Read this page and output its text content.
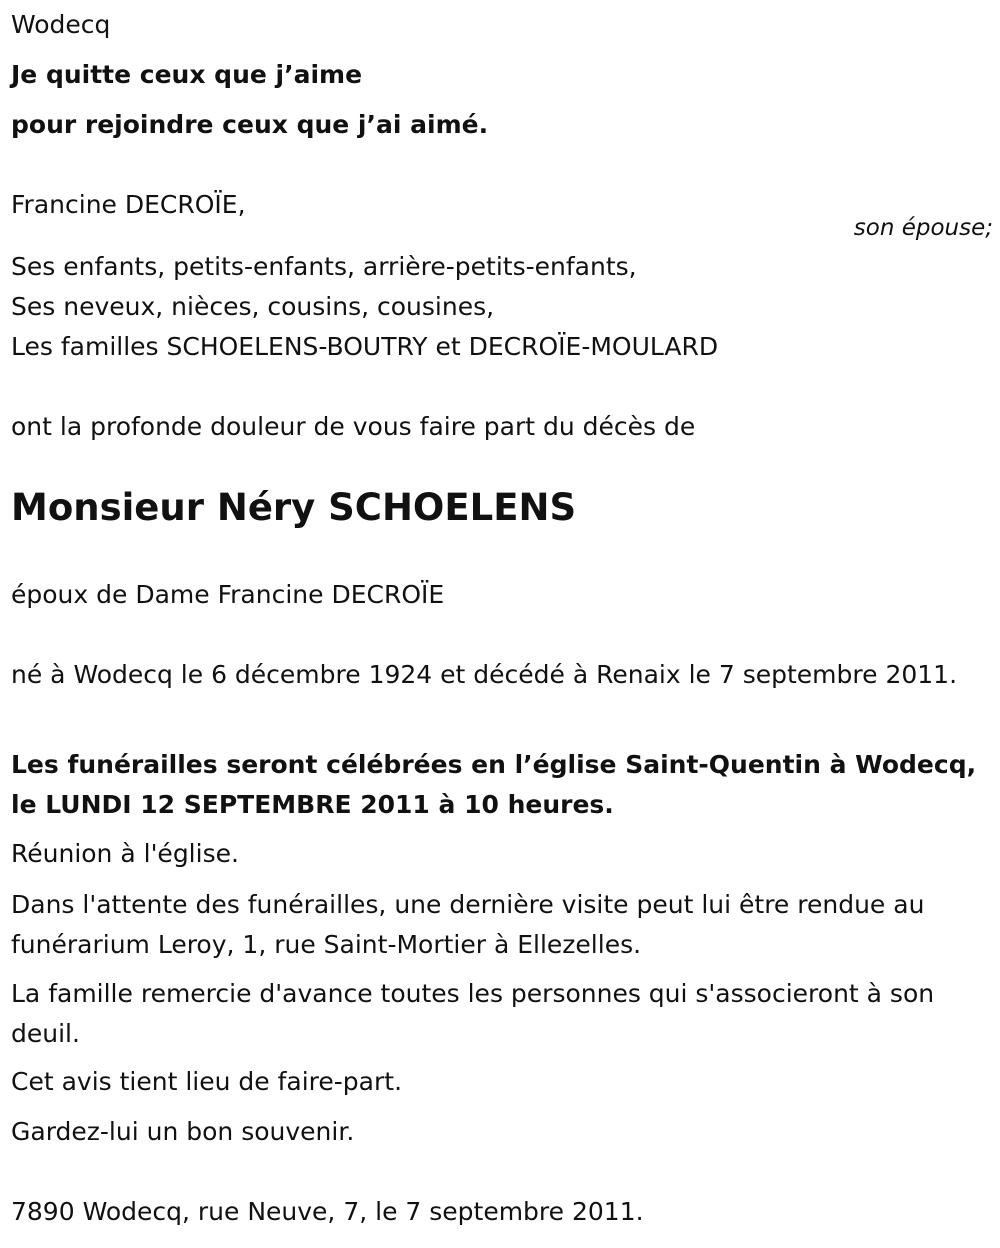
Wodecq
Je quitte ceux que j’aime
pour rejoindre ceux que j’ai aimé.
Francine DECROÏE,
son épouse;
Ses enfants, petits-enfants, arrière-petits-enfants,
Ses neveux, nièces, cousins, cousines,
Les familles SCHOELENS-BOUTRY et DECROÏE-MOULARD
ont la profonde douleur de vous faire part du décès de
Monsieur Néry SCHOELENS
époux de Dame Francine DECROÏE
né à Wodecq le 6 décembre 1924 et décédé à Renaix le 7 septembre 2011.
Les funérailles seront célébrées en l’église Saint-Quentin à Wodecq, le LUNDI 12 SEPTEMBRE 2011 à 10 heures.
Réunion à l'église.
Dans l'attente des funérailles, une dernière visite peut lui être rendue au funérarium Leroy, 1, rue Saint-Mortier à Ellezelles.
La famille remercie d'avance toutes les personnes qui s'associeront à son deuil.
Cet avis tient lieu de faire-part.
Gardez-lui un bon souvenir.
7890 Wodecq, rue Neuve, 7, le 7 septembre 2011.
